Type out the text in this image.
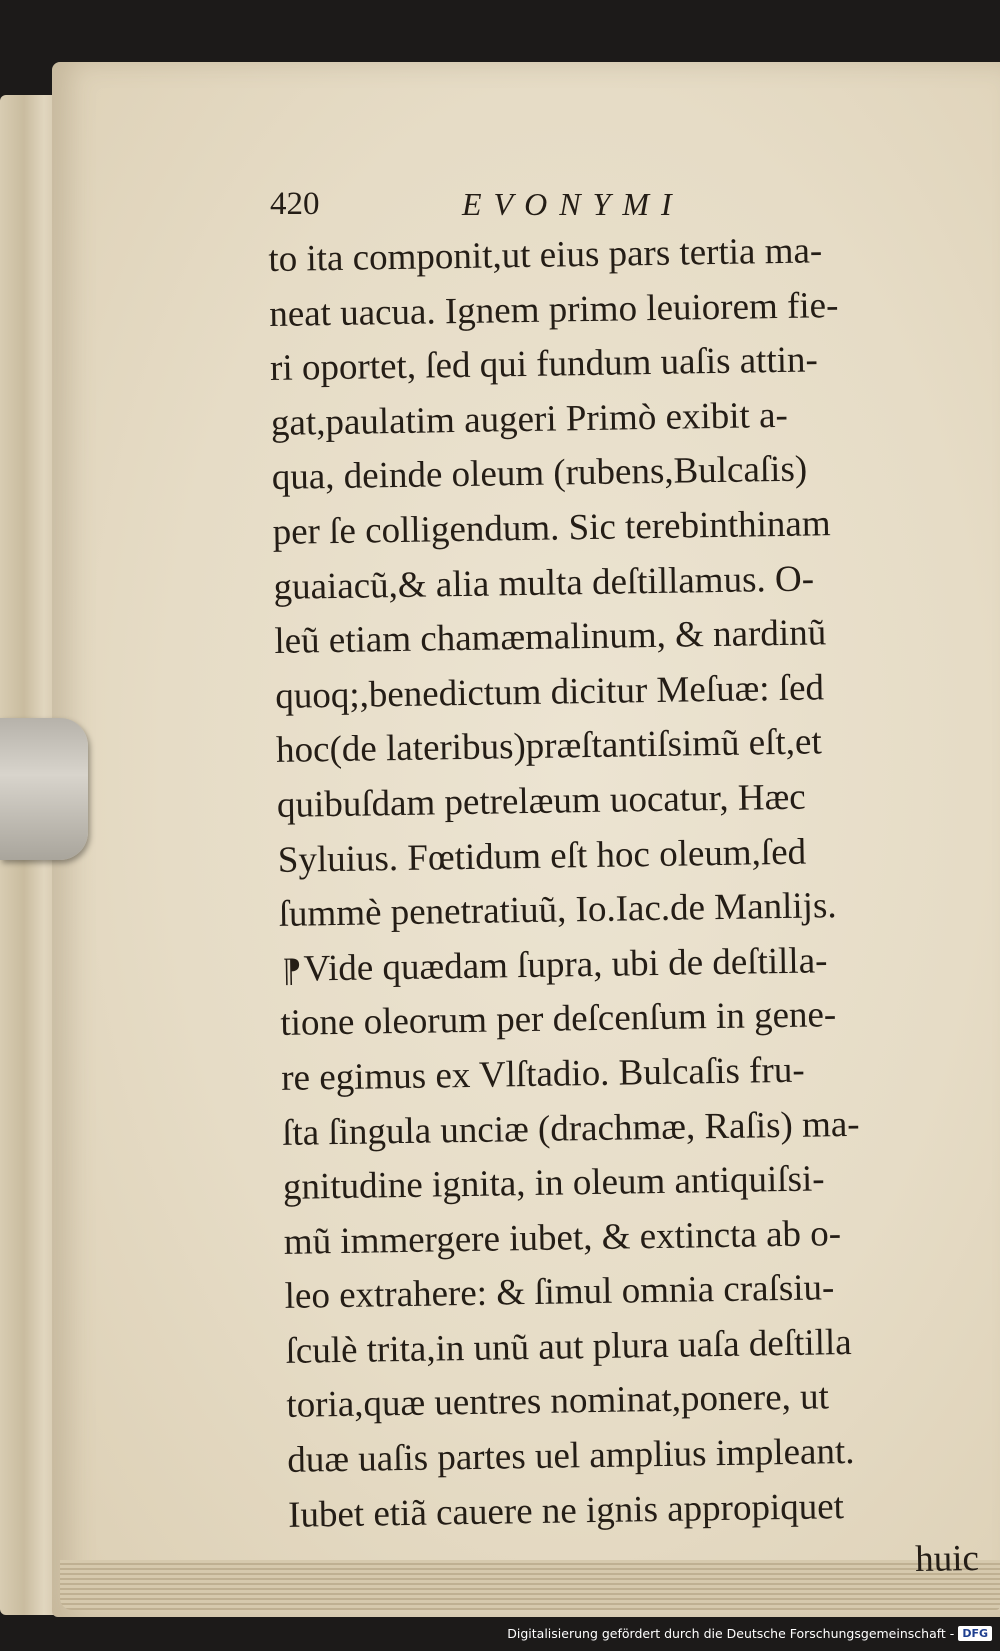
420	EVONYMI
to ita componit,ut eius pars tertia ma-
neat uacua. Ignem primo leuiorem fie-
ri oportet, ſed qui fundum uaſis attin-
gat,paulatim augeri Primò exibit a-
qua, deinde oleum (rubens,Bulcaſis)
per ſe colligendum. Sic terebinthinam
guaiacũ,& alia multa deſtillamus. O-
leũ etiam chamæmalinum, & nardinũ
quoq;,benedictum dicitur Meſuæ: ſed
hoc(de lateribus)præſtantiſsimũ eſt,et
quibuſdam petrelæum uocatur, Hæc
Syluius. Fœtidum eſt hoc oleum,ſed
ſummè penetratiuũ, Io.Iac.de Manlijs.
¶Vide quædam ſupra, ubi de deſtilla-
tione oleorum per deſcenſum in gene-
re egimus ex Vlſtadio. Bulcaſis fru-
ſta ſingula unciæ (drachmæ, Raſis) ma-
gnitudine ignita, in oleum antiquiſsi-
mũ immergere iubet, & extincta ab o-
leo extrahere: & ſimul omnia craſsiu-
ſculè trita,in unũ aut plura uaſa deſtilla
toria,quæ uentres nominat,ponere, ut
duæ uaſis partes uel amplius impleant.
Iubet etiã cauere ne ignis appropiquet
huic
Digitalisierung gefördert durch die Deutsche Forschungsgemeinschaft - DFG
